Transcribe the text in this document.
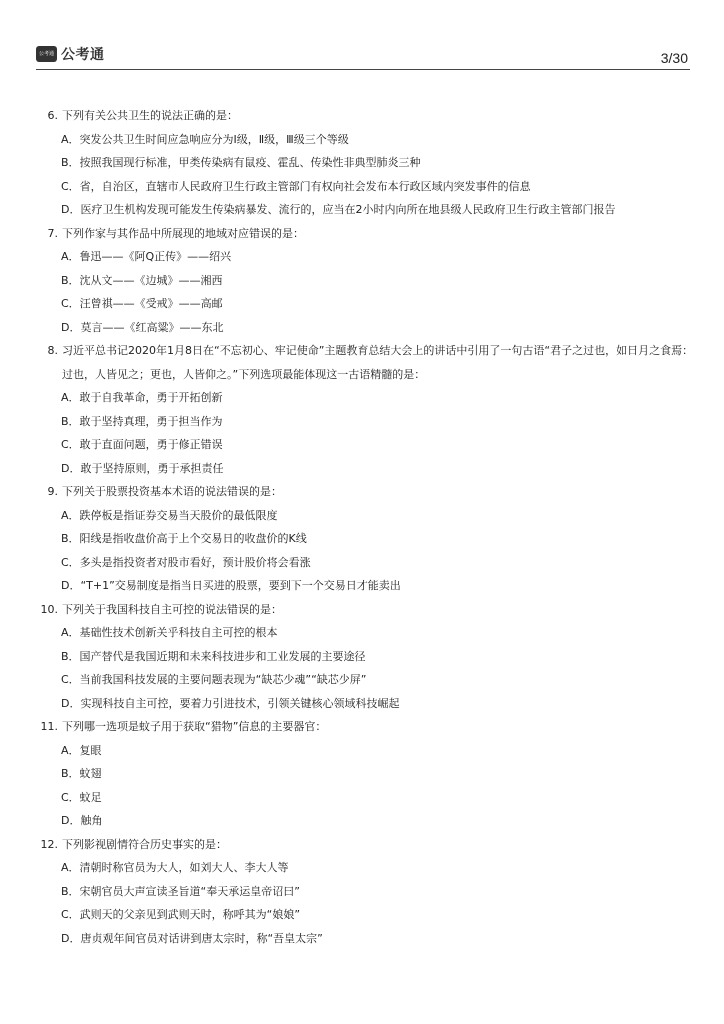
公考通 公考通	3/30
6. 下列有关公共卫生的说法正确的是：
A．突发公共卫生时间应急响应分为Ⅰ级，Ⅱ级，Ⅲ级三个等级
B．按照我国现行标准，甲类传染病有鼠疫、霍乱、传染性非典型肺炎三种
C．省，自治区，直辖市人民政府卫生行政主管部门有权向社会发布本行政区域内突发事件的信息
D．医疗卫生机构发现可能发生传染病暴发、流行的，应当在2小时内向所在地县级人民政府卫生行政主管部门报告
7. 下列作家与其作品中所展现的地域对应错误的是：
A．鲁迅——《阿Q正传》——绍兴
B．沈从文——《边城》——湘西
C．汪曾祺——《受戒》——高邮
D．莫言——《红高粱》——东北
8. 习近平总书记2020年1月8日在“不忘初心、牢记使命”主题教育总结大会上的讲话中引用了一句古语“君子之过也，如日月之食焉：过也，人皆见之；更也，人皆仰之。”下列选项最能体现这一古语精髓的是：
A．敢于自我革命，勇于开拓创新
B．敢于坚持真理，勇于担当作为
C．敢于直面问题，勇于修正错误
D．敢于坚持原则，勇于承担责任
9. 下列关于股票投资基本术语的说法错误的是：
A．跌停板是指证券交易当天股价的最低限度
B．阳线是指收盘价高于上个交易日的收盘价的K线
C．多头是指投资者对股市看好，预计股价将会看涨
D．“T+1”交易制度是指当日买进的股票，要到下一个交易日才能卖出
10. 下列关于我国科技自主可控的说法错误的是：
A．基础性技术创新关乎科技自主可控的根本
B．国产替代是我国近期和未来科技进步和工业发展的主要途径
C．当前我国科技发展的主要问题表现为“缺芯少魂”“缺芯少屏”
D．实现科技自主可控，要着力引进技术，引领关键核心领域科技崛起
11. 下列哪一选项是蚊子用于获取“猎物”信息的主要器官：
A．复眼
B．蚊翅
C．蚊足
D．触角
12. 下列影视剧情符合历史事实的是：
A．清朝时称官员为大人，如刘大人、李大人等
B．宋朝官员大声宣读圣旨道“奉天承运皇帝诏曰”
C．武则天的父亲见到武则天时，称呼其为“娘娘”
D．唐贞观年间官员对话讲到唐太宗时，称“吾皇太宗”
